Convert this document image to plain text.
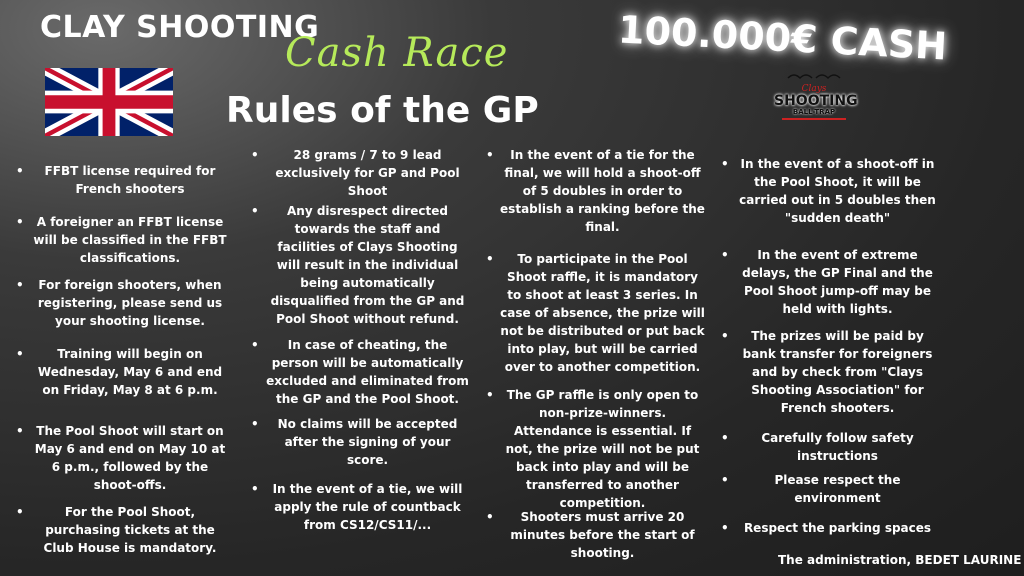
CLAY SHOOTING
Cash Race	100.000€ CASH
Rules of the GP
Clays
SHOOTING
BALL-TRAP
• FFBT license required for French shooters
• A foreigner an FFBT license will be classified in the FFBT classifications.
• For foreign shooters, when registering, please send us your shooting license.
• Training will begin on Wednesday, May 6 and end on Friday, May 8 at 6 p.m.
• The Pool Shoot will start on May 6 and end on May 10 at 6 p.m., followed by the shoot-offs.
• For the Pool Shoot, purchasing tickets at the Club House is mandatory.
• 28 grams / 7 to 9 lead exclusively for GP and Pool Shoot
• Any disrespect directed towards the staff and facilities of Clays Shooting will result in the individual being automatically disqualified from the GP and Pool Shoot without refund.
• In case of cheating, the person will be automatically excluded and eliminated from the GP and the Pool Shoot.
• No claims will be accepted after the signing of your score.
• In the event of a tie, we will apply the rule of countback from CS12/CS11/...
• In the event of a tie for the final, we will hold a shoot-off of 5 doubles in order to establish a ranking before the final.
• To participate in the Pool Shoot raffle, it is mandatory to shoot at least 3 series. In case of absence, the prize will not be distributed or put back into play, but will be carried over to another competition.
• The GP raffle is only open to non-prize-winners. Attendance is essential. If not, the prize will not be put back into play and will be transferred to another competition.
• Shooters must arrive 20 minutes before the start of shooting.
• In the event of a shoot-off in the Pool Shoot, it will be carried out in 5 doubles then "sudden death"
• In the event of extreme delays, the GP Final and the Pool Shoot jump-off may be held with lights.
• The prizes will be paid by bank transfer for foreigners and by check from "Clays Shooting Association" for French shooters.
• Carefully follow safety instructions
• Please respect the environment
• Respect the parking spaces
The administration, BEDET LAURINE
